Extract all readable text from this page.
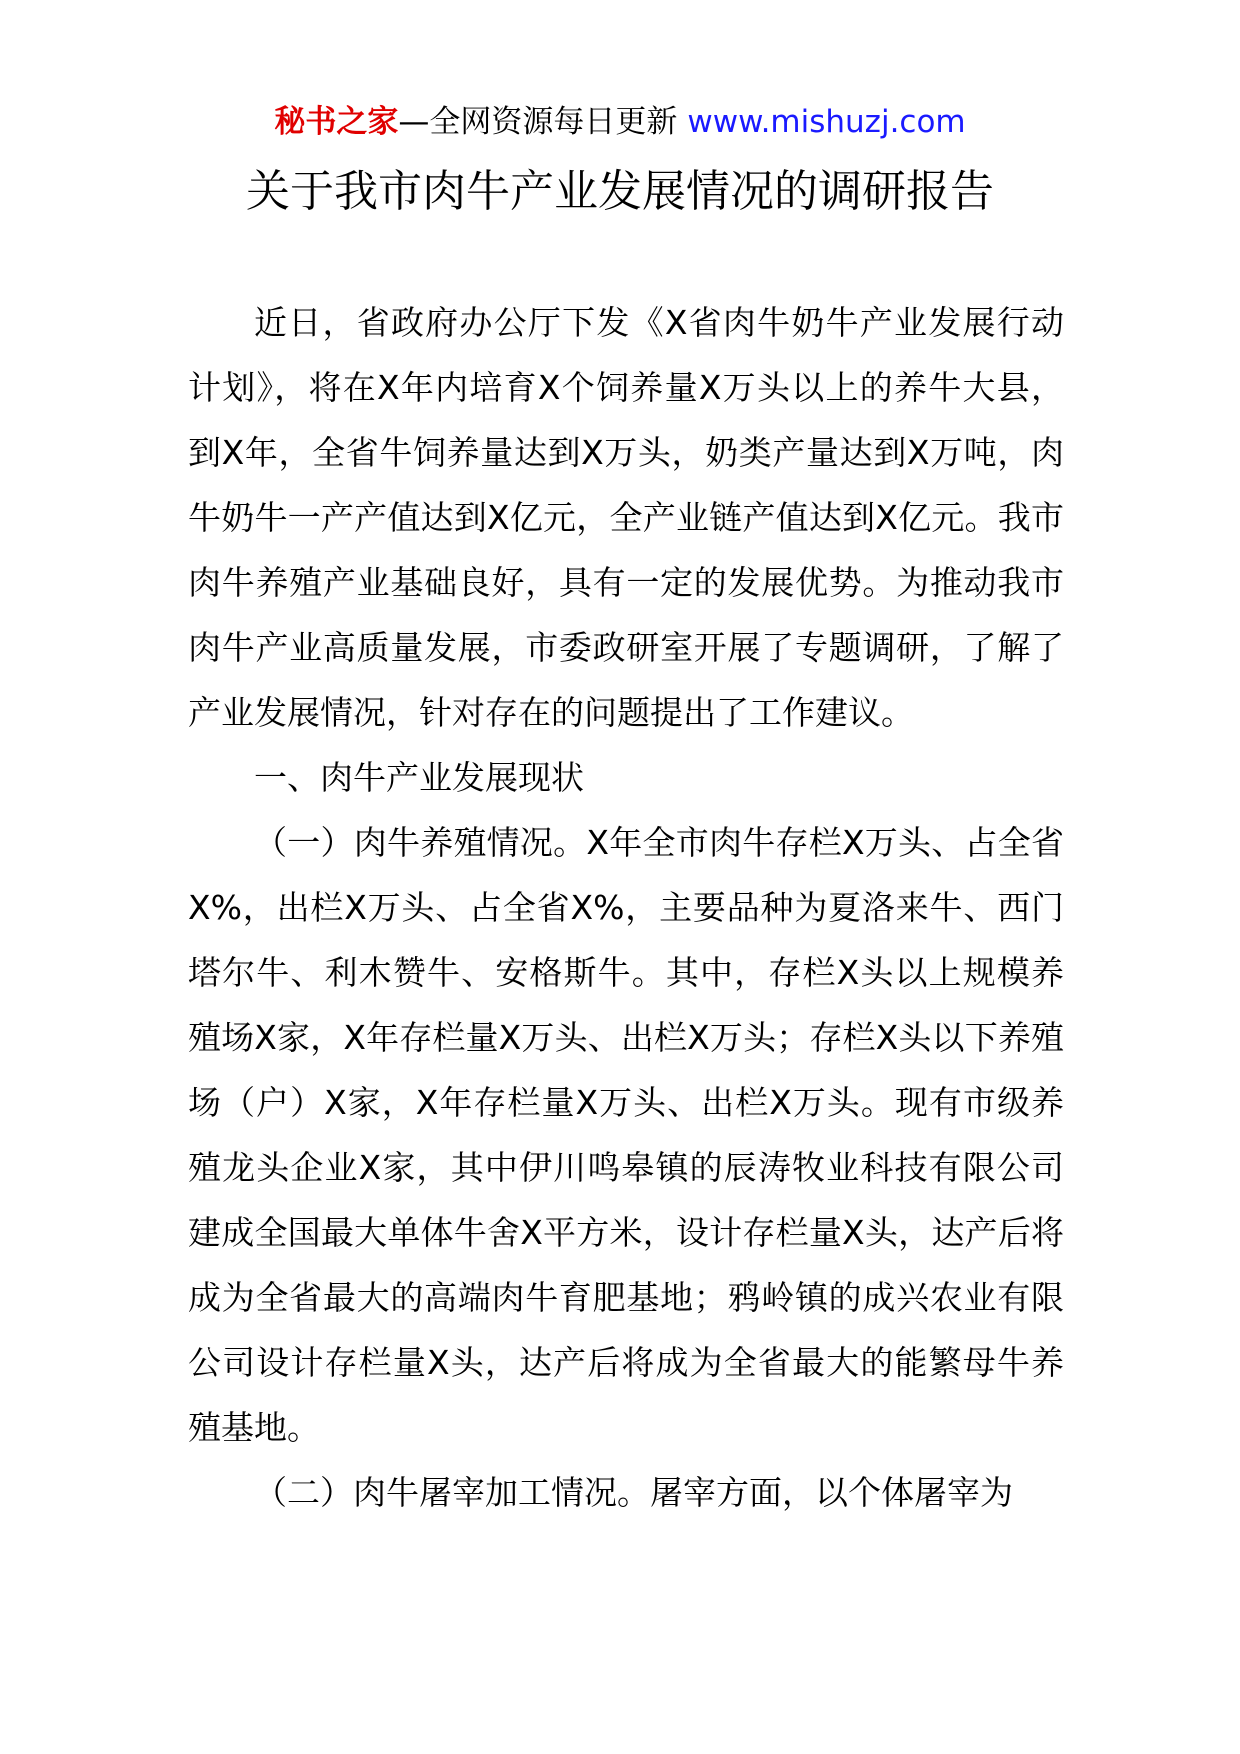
秘书之家—全网资源每日更新 www.mishuzj.com
关于我市肉牛产业发展情况的调研报告

近日，省政府办公厅下发《X省肉牛奶牛产业发展行动计划》，将在X年内培育X个饲养量X万头以上的养牛大县，到X年，全省牛饲养量达到X万头，奶类产量达到X万吨，肉牛奶牛一产产值达到X亿元，全产业链产值达到X亿元。我市肉牛养殖产业基础良好，具有一定的发展优势。为推动我市肉牛产业高质量发展，市委政研室开展了专题调研，了解了产业发展情况，针对存在的问题提出了工作建议。

一、肉牛产业发展现状

（一）肉牛养殖情况。X年全市肉牛存栏X万头、占全省X%，出栏X万头、占全省X%，主要品种为夏洛来牛、西门塔尔牛、利木赞牛、安格斯牛。其中，存栏X头以上规模养殖场X家，X年存栏量X万头、出栏X万头；存栏X头以下养殖场（户）X家，X年存栏量X万头、出栏X万头。现有市级养殖龙头企业X家，其中伊川鸣皋镇的辰涛牧业科技有限公司建成全国最大单体牛舍X平方米，设计存栏量X头，达产后将成为全省最大的高端肉牛育肥基地；鸦岭镇的成兴农业有限公司设计存栏量X头，达产后将成为全省最大的能繁母牛养殖基地。

（二）肉牛屠宰加工情况。屠宰方面，以个体屠宰为
